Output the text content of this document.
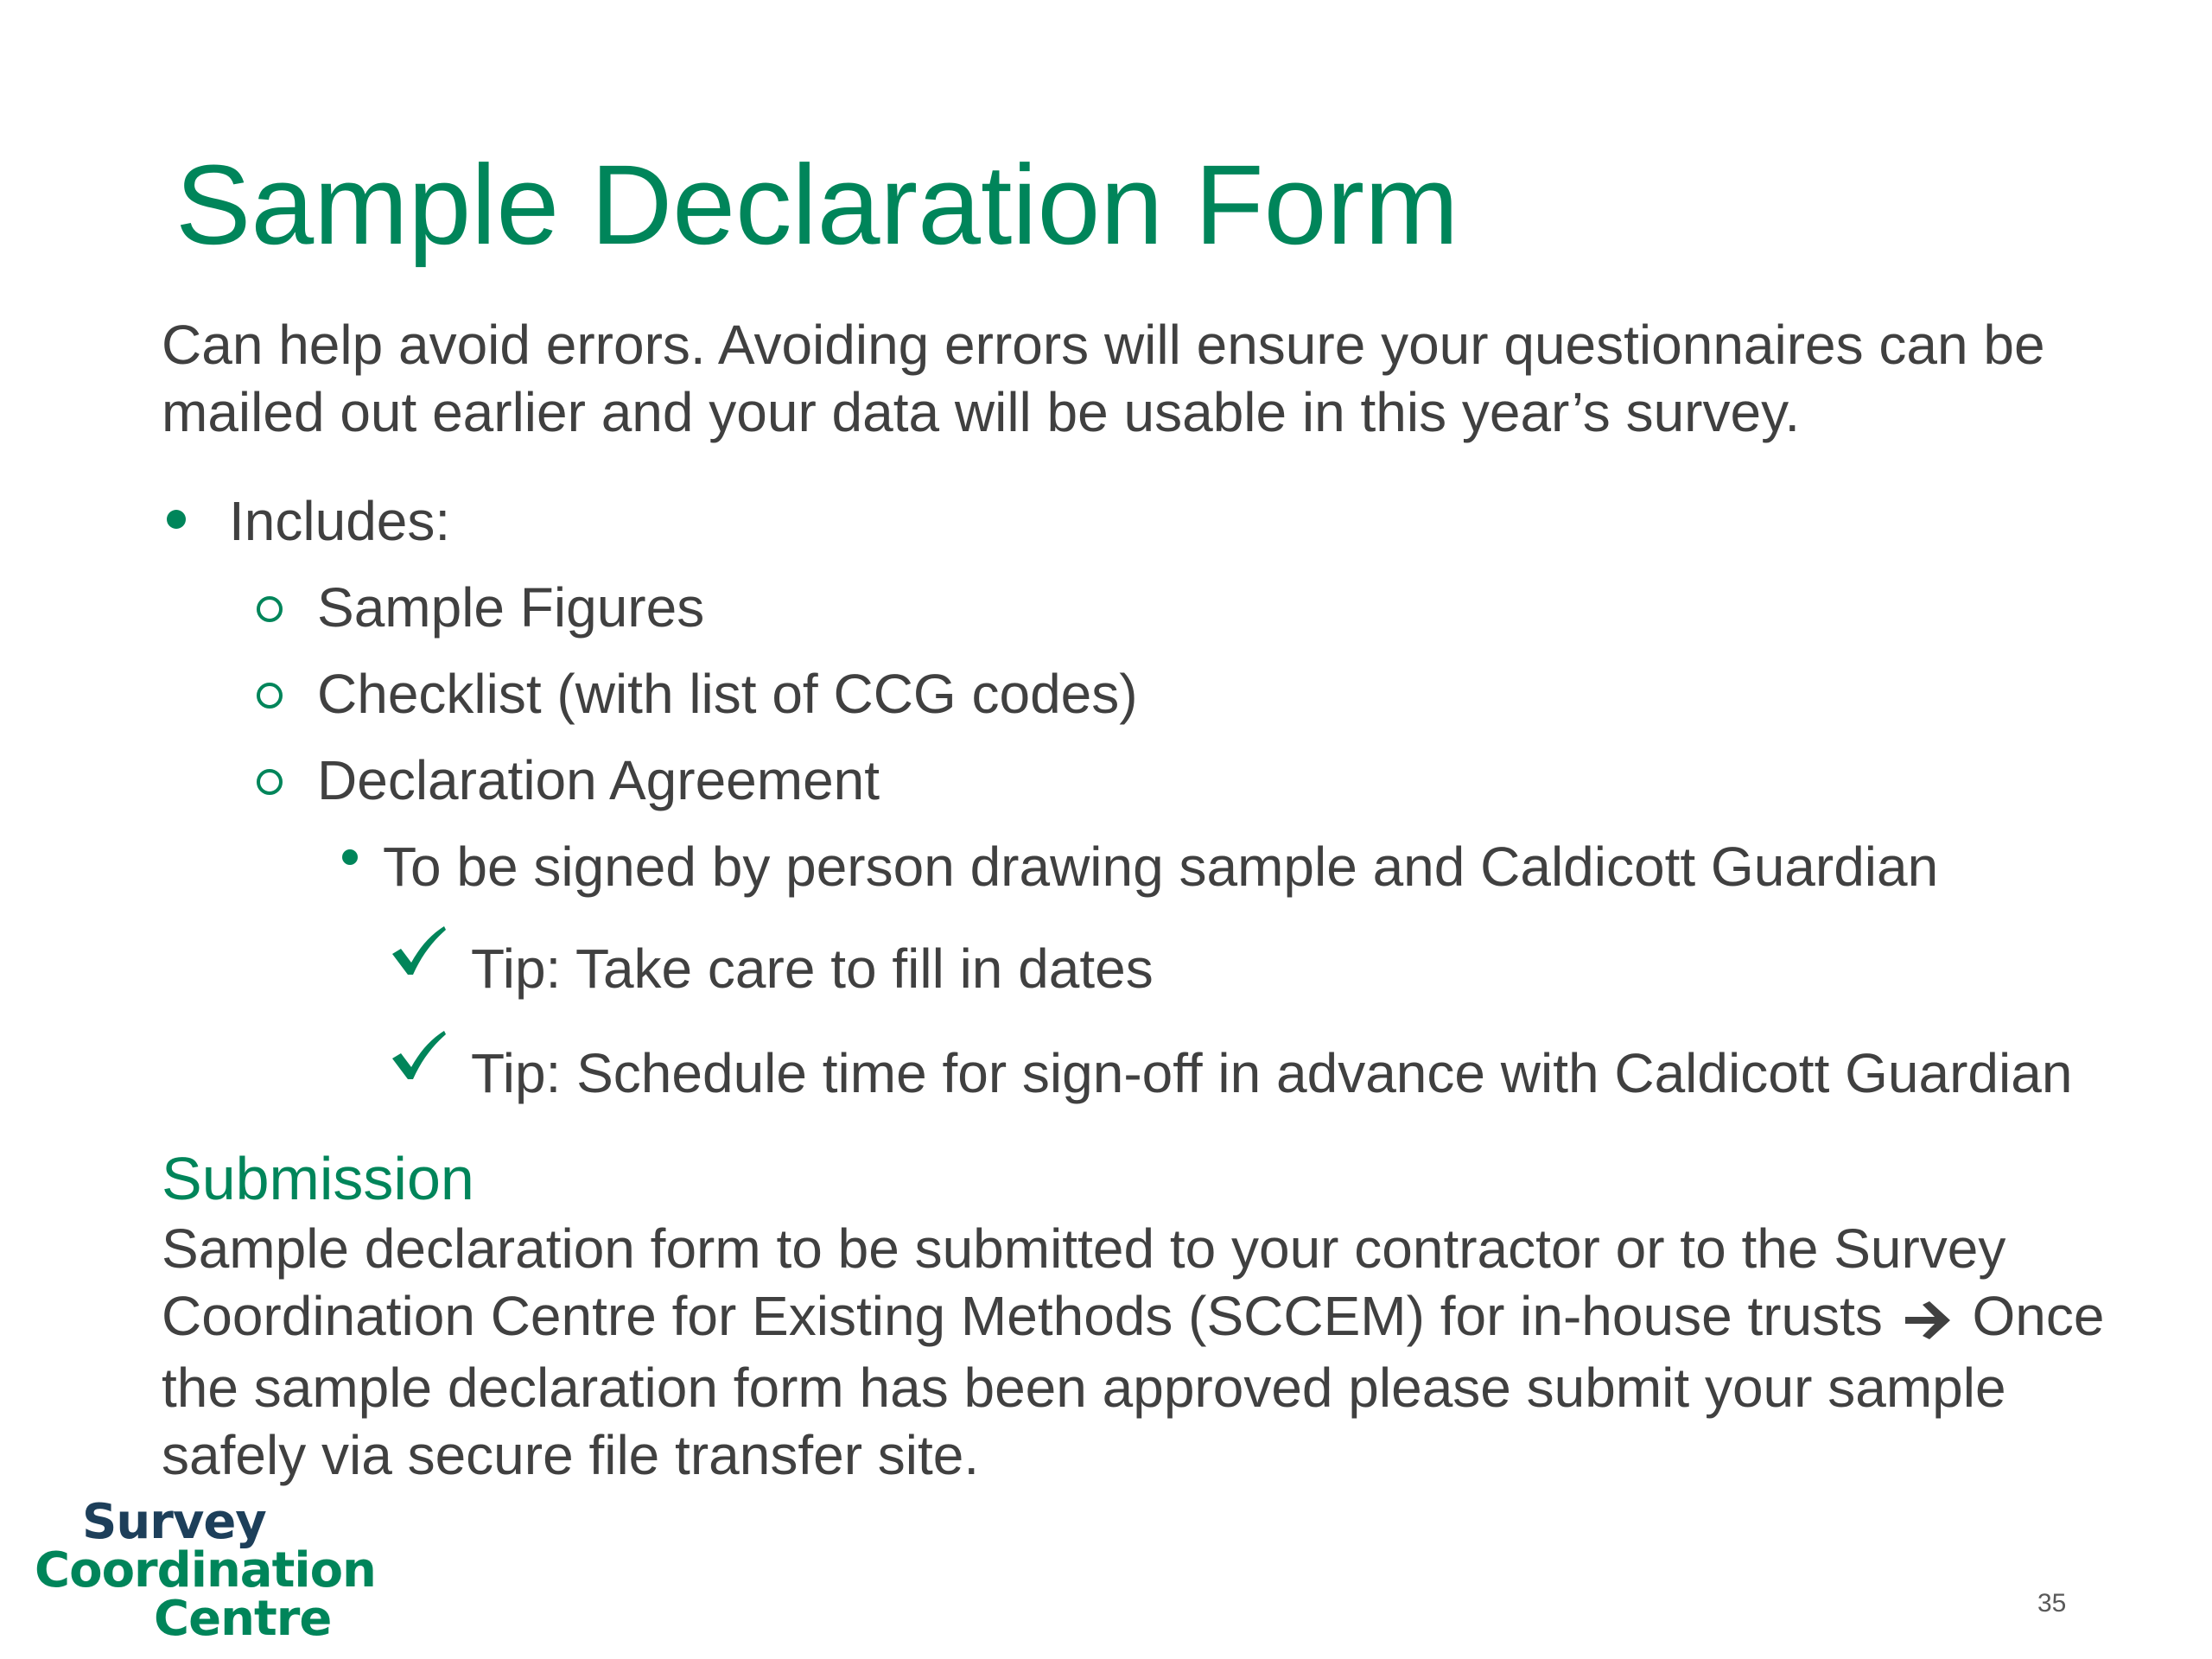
Sample Declaration Form
Can help avoid errors. Avoiding errors will ensure your questionnaires can be mailed out earlier and your data will be usable in this year’s survey.
Includes:
Sample Figures
Checklist (with list of CCG codes)
Declaration Agreement
To be signed by person drawing sample and Caldicott Guardian
Tip: Take care to fill in dates
Tip: Schedule time for sign-off in advance with Caldicott Guardian
Submission
Sample declaration form to be submitted to your contractor or to the Survey Coordination Centre for Existing Methods (SCCEM) for in-house trusts Once the sample declaration form has been approved please submit your sample safely via secure file transfer site.
Survey
Coordination
Centre	35
